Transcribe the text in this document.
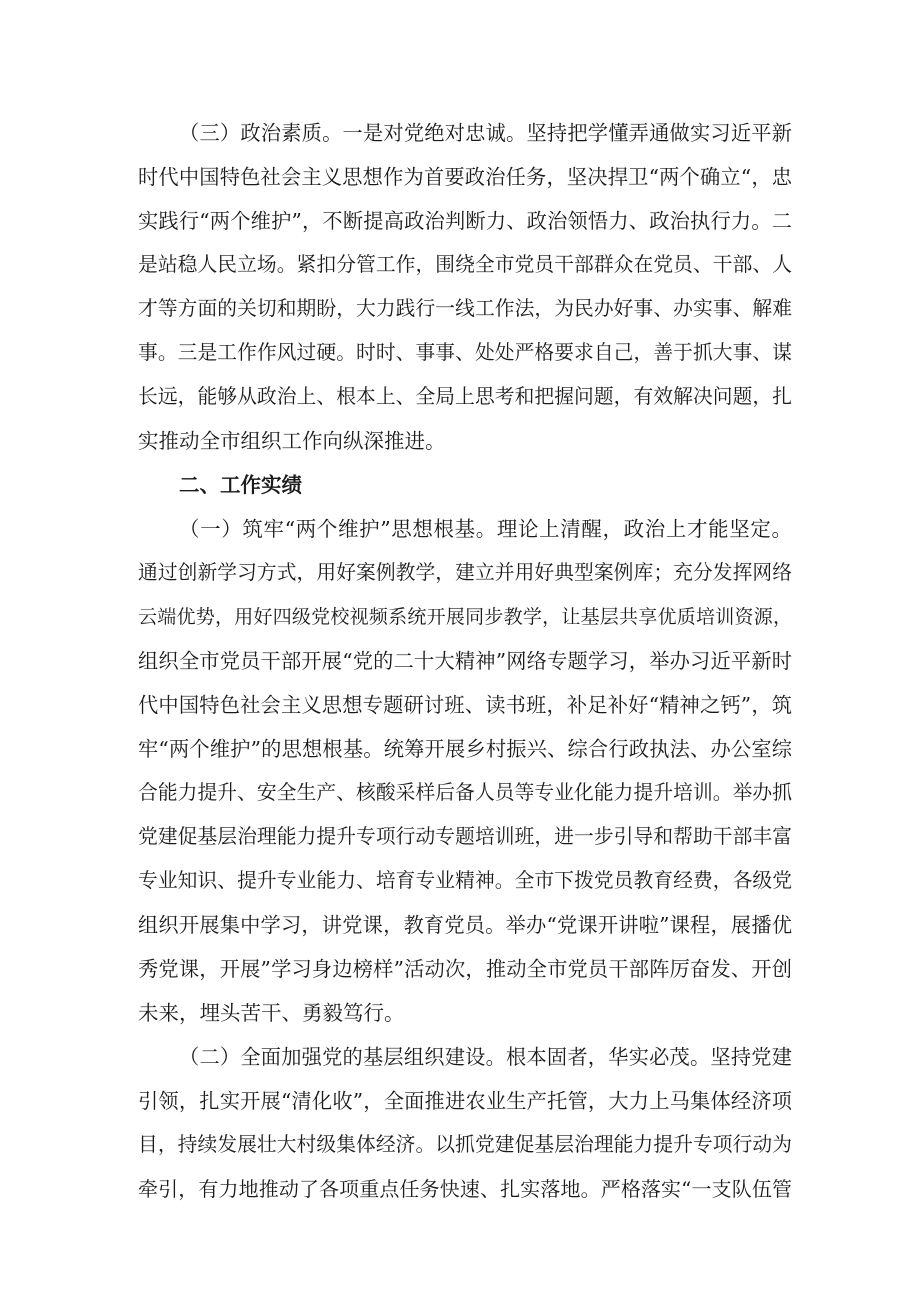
（三）政治素质。一是对党绝对忠诚。坚持把学懂弄通做实习近平新
时代中国特色社会主义思想作为首要政治任务，坚决捍卫“两个确立“，忠
实践行“两个维护”，不断提高政治判断力、政治领悟力、政治执行力。二
是站稳人民立场。紧扣分管工作，围绕全市党员干部群众在党员、干部、人
才等方面的关切和期盼，大力践行一线工作法，为民办好事、办实事、解难
事。三是工作作风过硬。时时、事事、处处严格要求自己，善于抓大事、谋
长远，能够从政治上、根本上、全局上思考和把握问题，有效解决问题，扎
实推动全市组织工作向纵深推进。
二、工作实绩
（一）筑牢“两个维护”思想根基。理论上清醒，政治上才能坚定。
通过创新学习方式，用好案例教学，建立并用好典型案例库；充分发挥网络
云端优势，用好四级党校视频系统开展同步教学，让基层共享优质培训资源，
组织全市党员干部开展“党的二十大精神”网络专题学习，举办习近平新时
代中国特色社会主义思想专题研讨班、读书班，补足补好“精神之钙”，筑
牢“两个维护”的思想根基。统筹开展乡村振兴、综合行政执法、办公室综
合能力提升、安全生产、核酸采样后备人员等专业化能力提升培训。举办抓
党建促基层治理能力提升专项行动专题培训班，进一步引导和帮助干部丰富
专业知识、提升专业能力、培育专业精神。全市下拨党员教育经费，各级党
组织开展集中学习，讲党课，教育党员。举办“党课开讲啦”课程，展播优
秀党课，开展”学习身边榜样”活动次，推动全市党员干部阵厉奋发、开创
未来，埋头苦干、勇毅笃行。
（二）全面加强党的基层组织建设。根本固者，华实必茂。坚持党建
引领，扎实开展“清化收”，全面推进农业生产托管，大力上马集体经济项
目，持续发展壮大村级集体经济。以抓党建促基层治理能力提升专项行动为
牵引，有力地推动了各项重点任务快速、扎实落地。严格落实“一支队伍管
